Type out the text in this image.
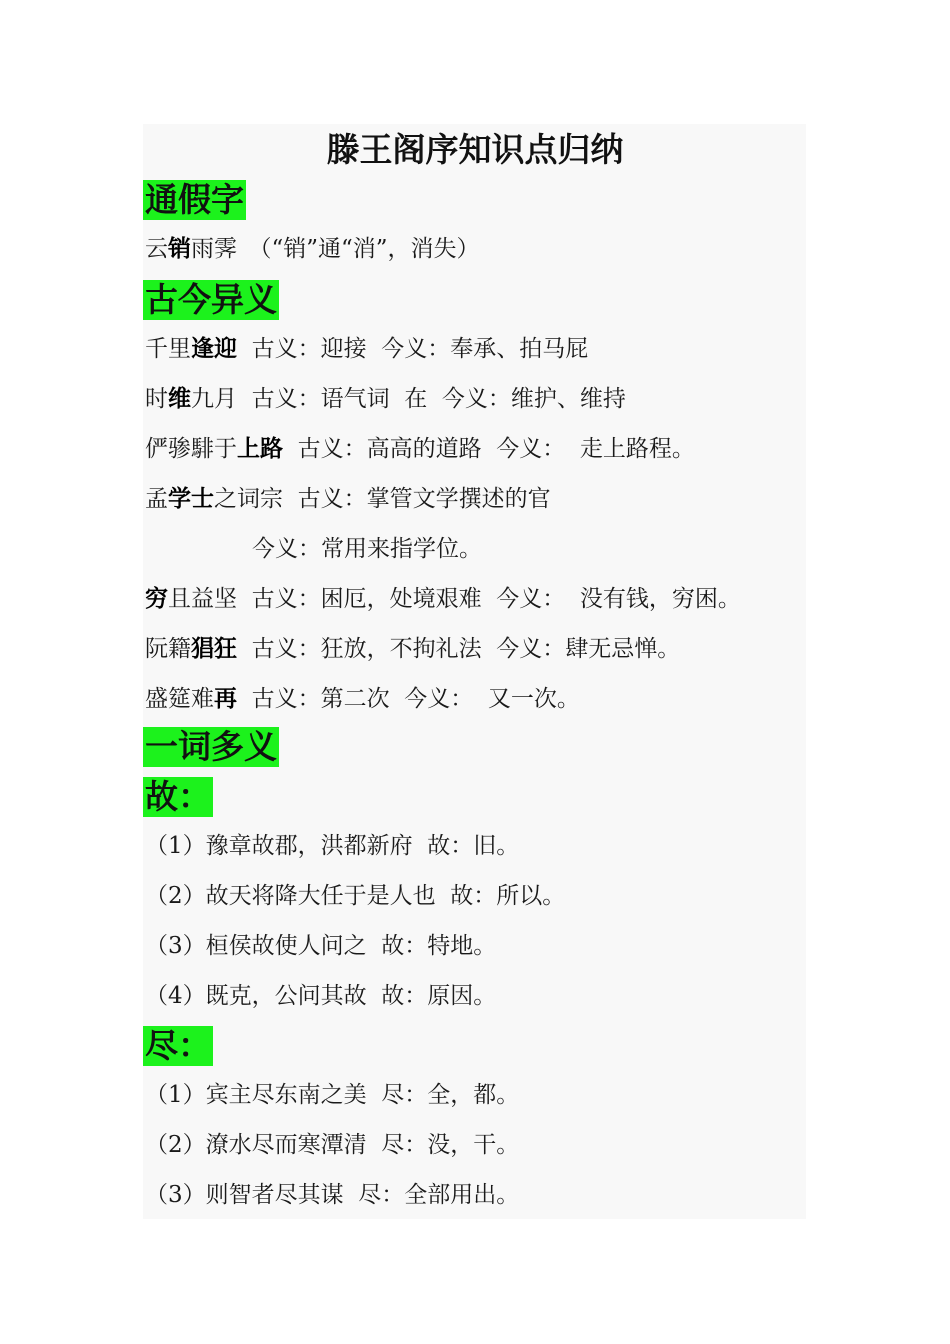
滕王阁序知识点归纳
通假字
云销雨霁　（“销”通“消”，消失）
古今异义
千里逢迎  古义：迎接  今义：奉承、拍马屁
时维九月  古义：语气词  在  今义：维护、维持
俨骖騑于上路  古义：高高的道路  今义：  走上路程。
孟学士之词宗  古义：掌管文学撰述的官
今义：常用来指学位。
穷且益坚  古义：困厄，处境艰难  今义：  没有钱，穷困。
阮籍猖狂  古义：狂放，不拘礼法  今义：肆无忌惮。
盛筵难再  古义：第二次  今义：  又一次。
一词多义
故：
（1）豫章故郡，洪都新府  故：旧。
（2）故天将降大任于是人也  故：所以。
（3）桓侯故使人问之  故：特地。
（4）既克，公问其故  故：原因。
尽：
（1）宾主尽东南之美  尽：全，都。
（2）潦水尽而寒潭清  尽：没，干。
（3）则智者尽其谋  尽：全部用出。
